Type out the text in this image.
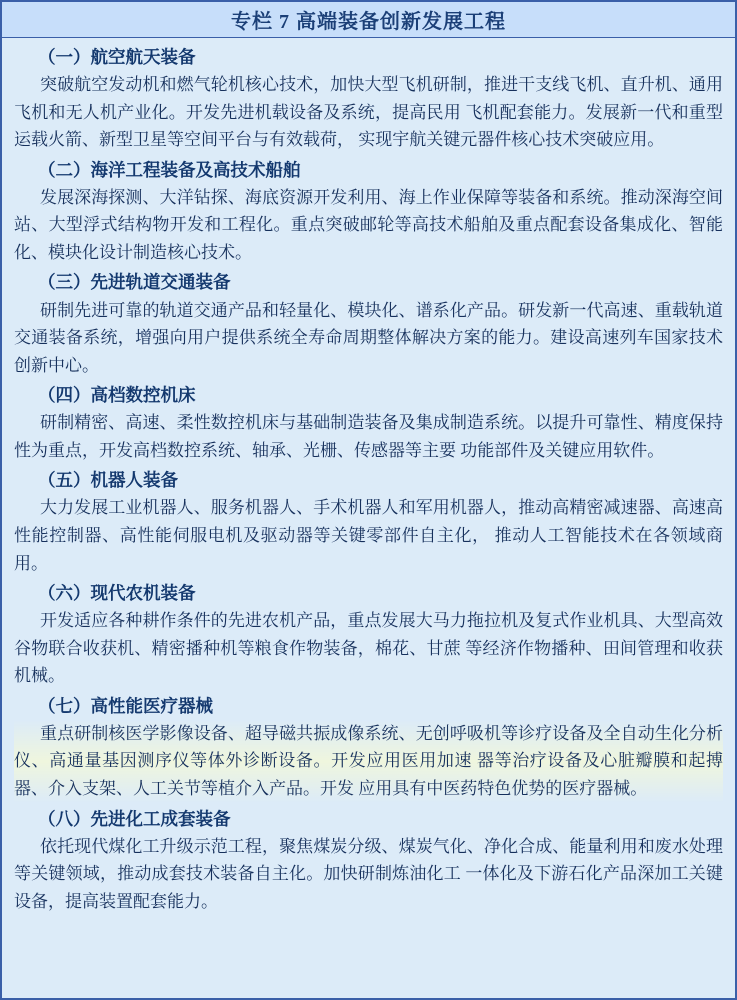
专栏 7 高端装备创新发展工程

（一）航空航天装备

突破航空发动机和燃气轮机核心技术，加快大型飞机研制，推进干支线飞机、直升机、通用飞机和无人机产业化。开发先进机载设备及系统，提高民用 飞机配套能力。发展新一代和重型运载火箭、新型卫星等空间平台与有效载荷， 实现宇航关键元器件核心技术突破应用。

（二）海洋工程装备及高技术船舶

发展深海探测、大洋钻探、海底资源开发利用、海上作业保障等装备和系统。推动深海空间站、大型浮式结构物开发和工程化。重点突破邮轮等高技术船舶及重点配套设备集成化、智能化、模块化设计制造核心技术。

（三）先进轨道交通装备

研制先进可靠的轨道交通产品和轻量化、模块化、谱系化产品。研发新一代高速、重载轨道交通装备系统，增强向用户提供系统全寿命周期整体解决方案的能力。建设高速列车国家技术创新中心。

（四）高档数控机床

研制精密、高速、柔性数控机床与基础制造装备及集成制造系统。以提升可靠性、精度保持性为重点，开发高档数控系统、轴承、光栅、传感器等主要 功能部件及关键应用软件。

（五）机器人装备

大力发展工业机器人、服务机器人、手术机器人和军用机器人，推动高精密减速器、高速高性能控制器、高性能伺服电机及驱动器等关键零部件自主化， 推动人工智能技术在各领域商用。

（六）现代农机装备

开发适应各种耕作条件的先进农机产品，重点发展大马力拖拉机及复式作业机具、大型高效谷物联合收获机、精密播种机等粮食作物装备，棉花、甘蔗 等经济作物播种、田间管理和收获机械。

（七）高性能医疗器械

重点研制核医学影像设备、超导磁共振成像系统、无创呼吸机等诊疗设备及全自动生化分析仪、高通量基因测序仪等体外诊断设备。开发应用医用加速 器等治疗设备及心脏瓣膜和起搏器、介入支架、人工关节等植介入产品。开发 应用具有中医药特色优势的医疗器械。

（八）先进化工成套装备

依托现代煤化工升级示范工程，聚焦煤炭分级、煤炭气化、净化合成、能量利用和废水处理等关键领域，推动成套技术装备自主化。加快研制炼油化工 一体化及下游石化产品深加工关键设备，提高装置配套能力。
